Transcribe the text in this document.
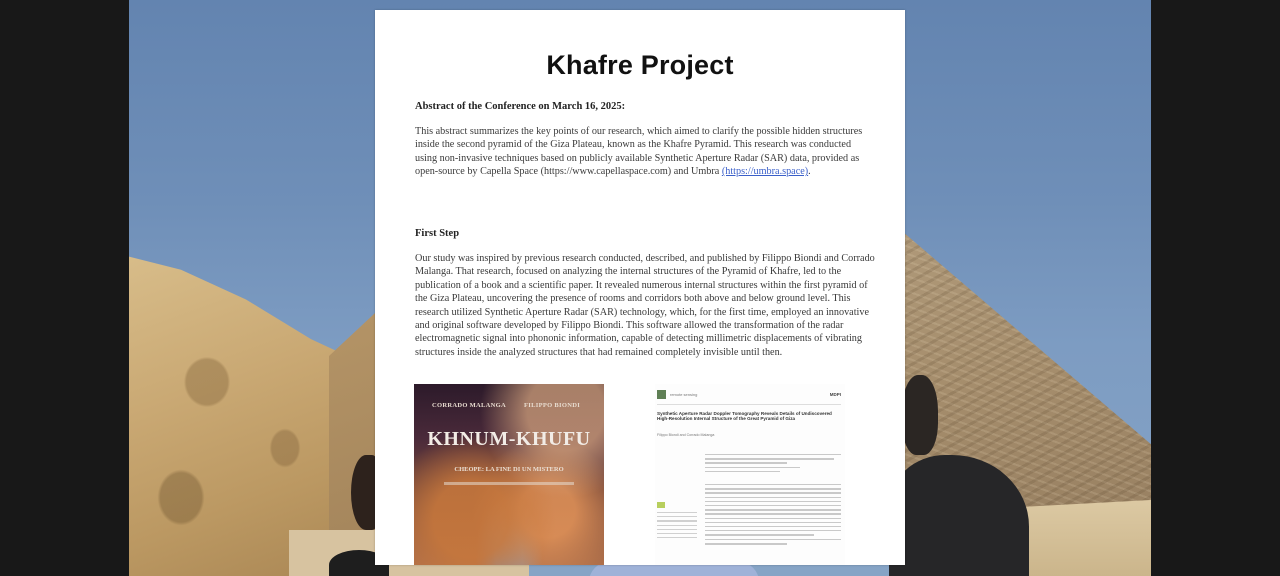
Khafre Project
Abstract of the Conference on March 16, 2025:
This abstract summarizes the key points of our research, which aimed to clarify the possible hidden structures inside the second pyramid of the Giza Plateau, known as the Khafre Pyramid. This research was conducted using non-invasive techniques based on publicly available Synthetic Aperture Radar (SAR) data, provided as open-source by Capella Space (https://www.capellaspace.com) and Umbra (https://umbra.space).
First Step
Our study was inspired by previous research conducted, described, and published by Filippo Biondi and Corrado Malanga. That research, focused on analyzing the internal structures of the Pyramid of Khafre, led to the publication of a book and a scientific paper. It revealed numerous internal structures within the first pyramid of the Giza Plateau, uncovering the presence of rooms and corridors both above and below ground level. This research utilized Synthetic Aperture Radar (SAR) technology, which, for the first time, employed an innovative and original software developed by Filippo Biondi. This software allowed the transformation of the radar electromagnetic signal into phononic information, capable of detecting millimetric displacements of vibrating structures inside the analyzed structures that had remained completely invisible until then.
CORRADO MALANGA	FILIPPO BIONDI
KHNUM-KHUFU
CHEOPE: LA FINE DI UN MISTERO
remote sensing	MDPI
Synthetic Aperture Radar Doppler Tomography Reveals Details of Undiscovered High-Resolution Internal Structure of the Great Pyramid of Giza
Filippo Biondi and Corrado Malanga
